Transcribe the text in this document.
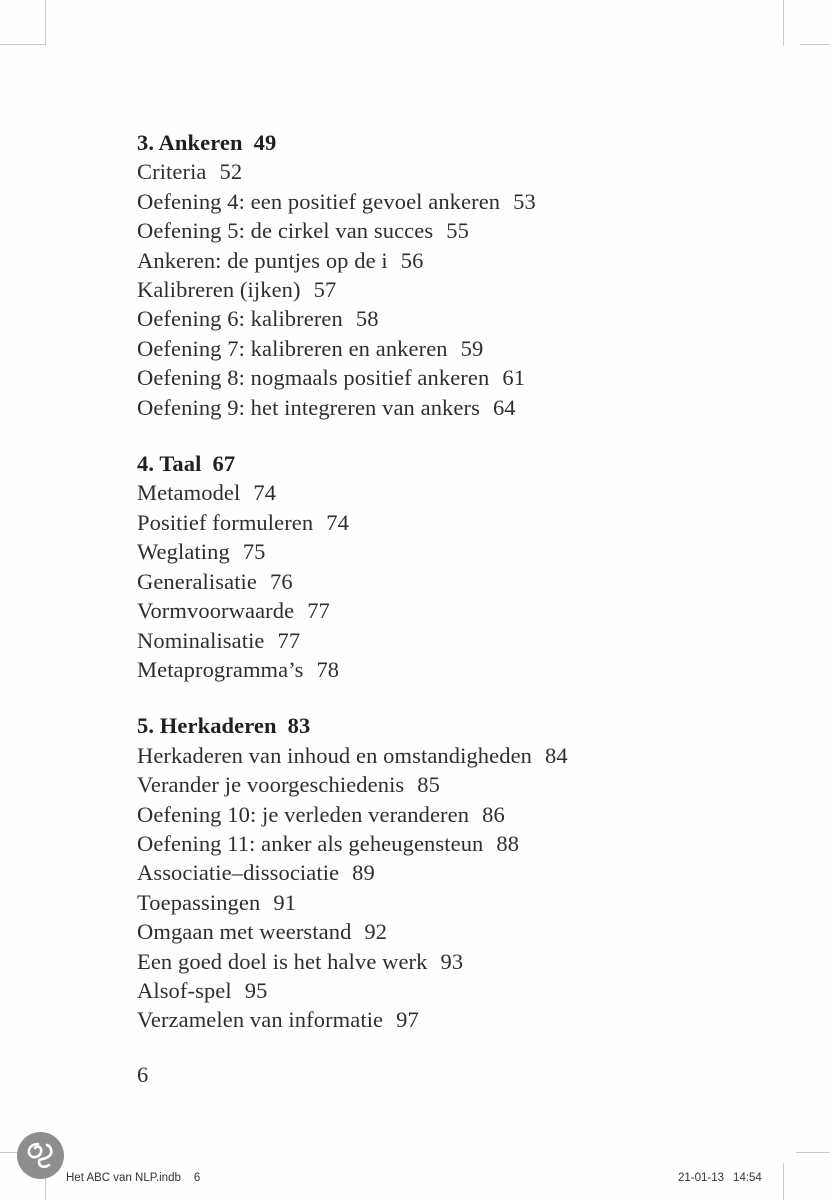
3. Ankeren 49
Criteria 52
Oefening 4: een positief gevoel ankeren 53
Oefening 5: de cirkel van succes 55
Ankeren: de puntjes op de i 56
Kalibreren (ijken) 57
Oefening 6: kalibreren 58
Oefening 7: kalibreren en ankeren 59
Oefening 8: nogmaals positief ankeren 61
Oefening 9: het integreren van ankers 64
4. Taal 67
Metamodel 74
Positief formuleren 74
Weglating 75
Generalisatie 76
Vormvoorwaarde 77
Nominalisatie 77
Metaprogramma’s 78
5. Herkaderen 83
Herkaderen van inhoud en omstandigheden 84
Verander je voorgeschiedenis 85
Oefening 10: je verleden veranderen 86
Oefening 11: anker als geheugensteun 88
Associatie–dissociatie 89
Toepassingen 91
Omgaan met weerstand 92
Een goed doel is het halve werk 93
Alsof-spel 95
Verzamelen van informatie 97
6
Het ABC van NLP.indb 6	21-01-13 14:54
